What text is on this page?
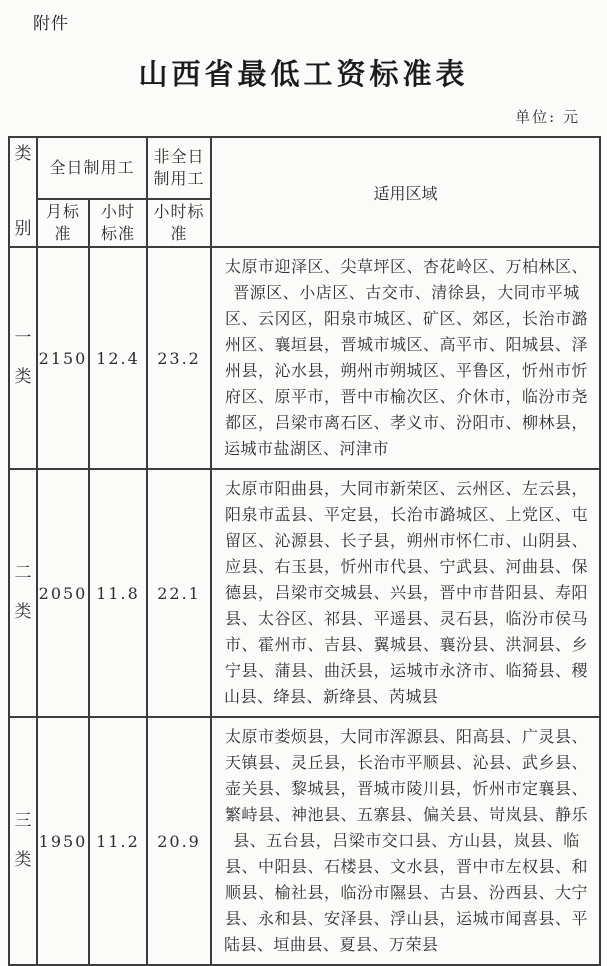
附件
山西省最低工资标准表
单位: 元
类
别	全日制用工		非全日制用工	适用区域
	月标准	小时标准	小时标准	

一
类	2150	12.4	23.2	太原市迎泽区、尖草坪区、杏花岭区、万柏林区、晋源区、小店区、古交市、清徐县，大同市平城区、云冈区，阳泉市城区、矿区、郊区，长治市潞州区、襄垣县，晋城市城区、高平市、阳城县、泽州县，沁水县，朔州市朔城区、平鲁区，忻州市忻府区、原平市，晋中市榆次区、介休市，临汾市尧都区，吕梁市离石区、孝义市、汾阳市、柳林县，运城市盐湖区、河津市

二
类	2050	11.8	22.1	太原市阳曲县，大同市新荣区、云州区、左云县，阳泉市盂县、平定县，长治市潞城区、上党区、屯留区、沁源县、长子县，朔州市怀仁市、山阴县、应县、右玉县，忻州市代县、宁武县、河曲县、保德县，吕梁市交城县、兴县，晋中市昔阳县、寿阳县、太谷区、祁县、平遥县、灵石县，临汾市侯马市、霍州市、吉县、翼城县、襄汾县、洪洞县、乡宁县、蒲县、曲沃县，运城市永济市、临猗县、稷山县、绛县、新绛县、芮城县

三
类	1950	11.2	20.9	太原市娄烦县，大同市浑源县、阳高县、广灵县、天镇县、灵丘县，长治市平顺县、沁县、武乡县、壶关县、黎城县，晋城市陵川县，忻州市定襄县、繁峙县、神池县、五寨县、偏关县、岢岚县、静乐县、五台县，吕梁市交口县、方山县，岚县、临县、中阳县、石楼县、文水县，晋中市左权县、和顺县、榆社县，临汾市隰县、古县、汾西县、大宁县、永和县、安泽县、浮山县，运城市闻喜县、平陆县、垣曲县、夏县、万荣县
